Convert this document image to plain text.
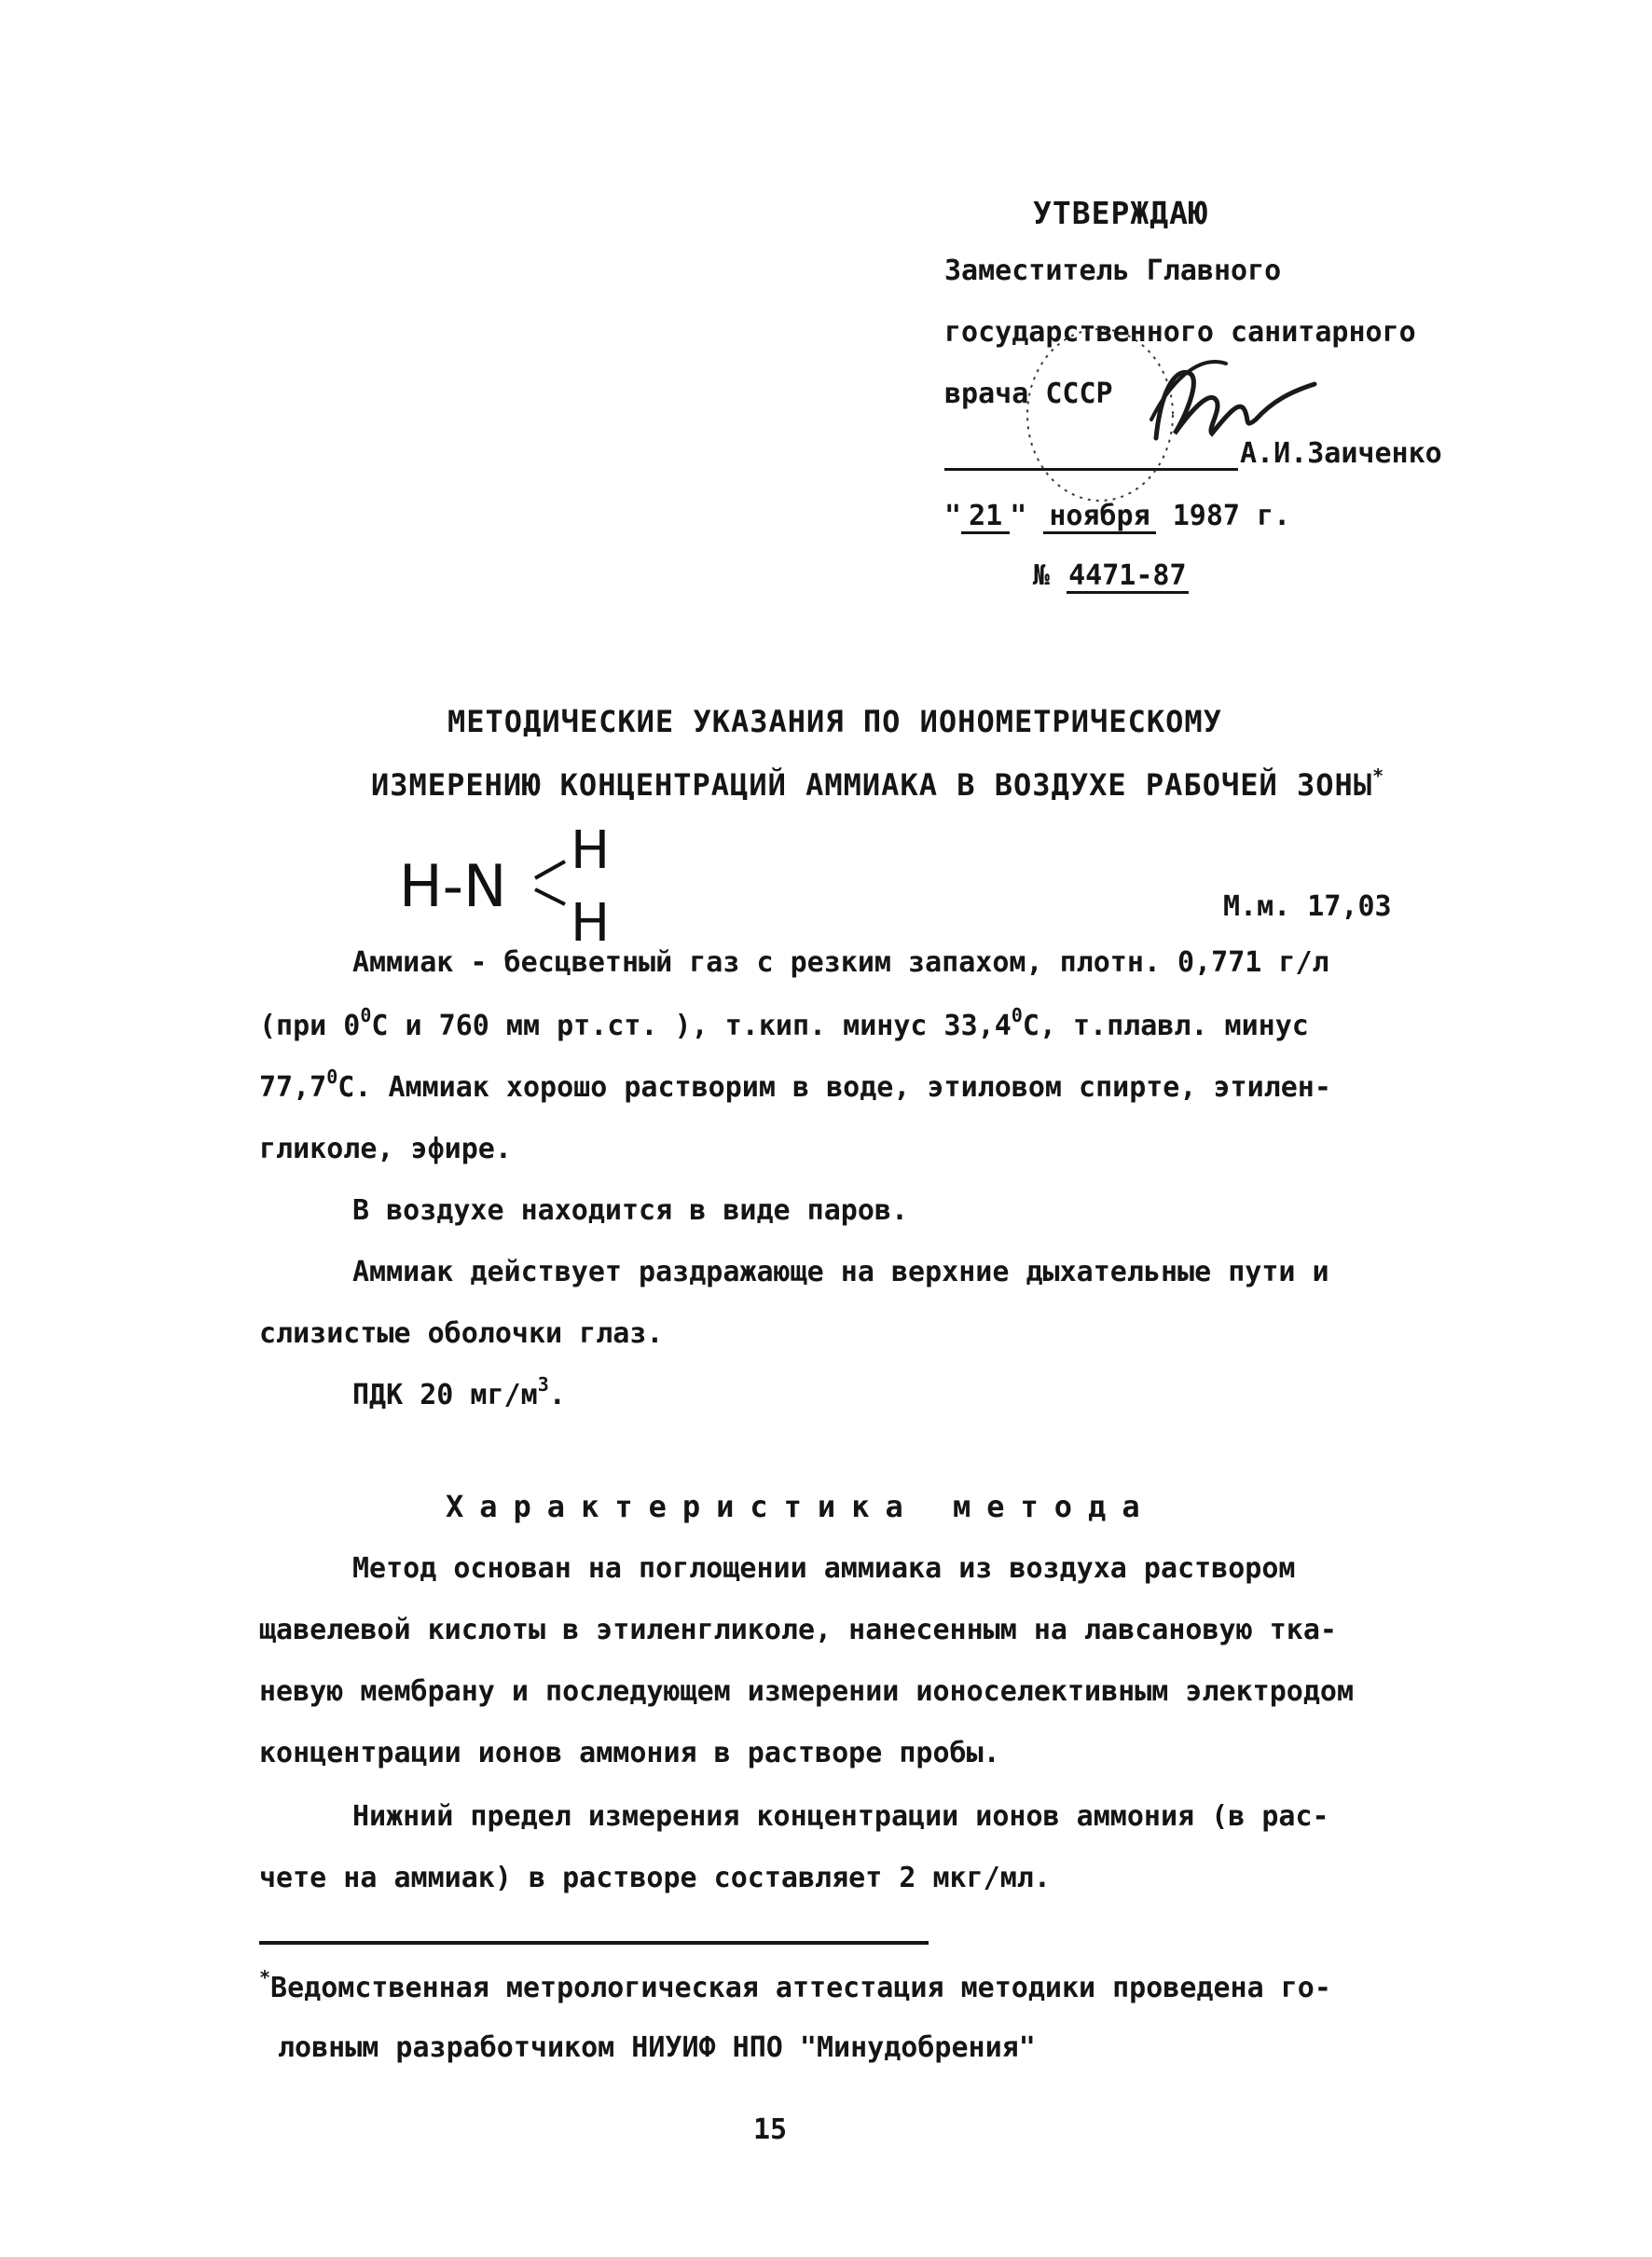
УТВЕРЖДАЮ
Заместитель Главного
государственного санитарного
врача СССР
А.И.Заиченко
" 21 " ноября 1987 г.
№ 4471-87
МЕТОДИЧЕСКИЕ УКАЗАНИЯ ПО ИОНОМЕТРИЧЕСКОМУ
ИЗМЕРЕНИЮ КОНЦЕНТРАЦИЙ АММИАКА В ВОЗДУХЕ РАБОЧЕЙ ЗОНЫ*
H-N
H
H	М.м. 17,03
Аммиак - бесцветный газ с резким запахом, плотн. 0,771 г/л
(при $0^0С$ и 760 мм рт.ст. ), т.кип. минус 33,4$^0$С, т.плавл. минус
77,7$^0$С. Аммиак хорошо растворим в воде, этиловом спирте, этилен-
гликоле, эфире.
В воздухе находится в виде паров.
Аммиак действует раздражающе на верхние дыхательные пути и
слизистые оболочки глаз.
ПДК 20 $мг/м^3$.
Характеристика метода
Метод основан на поглощении аммиака из воздуха раствором
щавелевой кислоты в этиленгликоле, нанесенным на лавсановую тка-
невую мембрану и последующем измерении ионоселективным электродом
концентрации ионов аммония в растворе пробы.
Нижний предел измерения концентрации ионов аммония (в рас-
чете на аммиак) в растворе составляет 2 мкг/мл.
*Ведомственная метрологическая аттестация методики проведена го-
ловным разработчиком НИУИФ НПО "Минудобрения"
15
